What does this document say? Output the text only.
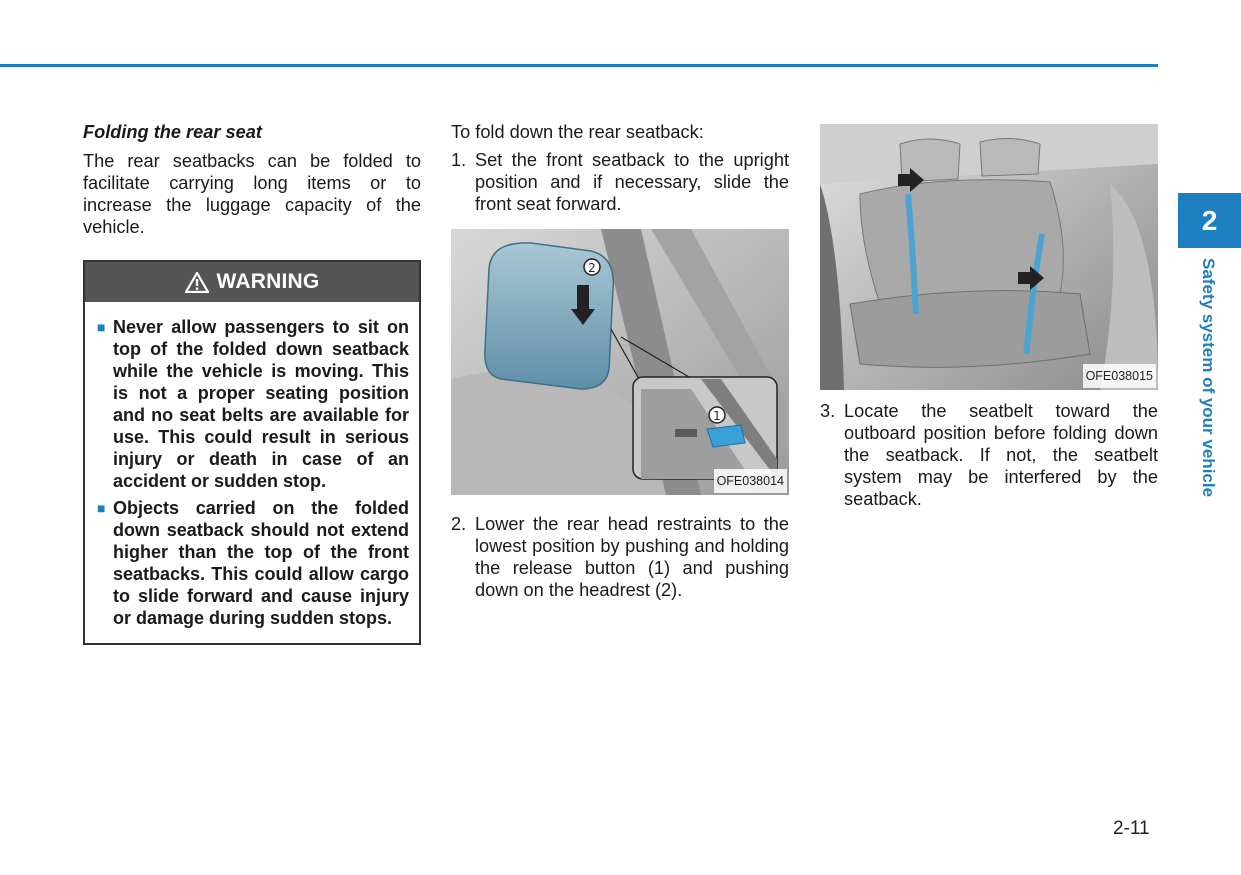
Folding the rear seat

The rear seatbacks can be folded to facilitate carrying long items or to increase the luggage capacity of the vehicle.

WARNING
■ Never allow passengers to sit on top of the folded down seatback while the vehicle is moving. This is not a proper seating position and no seat belts are available for use. This could result in serious injury or death in case of an accident or sudden stop.
■ Objects carried on the folded down seatback should not extend higher than the top of the front seatbacks. This could allow cargo to slide forward and cause injury or damage during sudden stops.

To fold down the rear seatback:

1. Set the front seatback to the upright position and if necessary, slide the front seat forward.
2
1
OFE038014
2. Lower the rear head restraints to the lowest position by pushing and holding the release button (1) and pushing down on the headrest (2).
OFE038015
3. Locate the seatbelt toward the outboard position before folding down the seatback. If not, the seatbelt system may be interfered by the seatback.
2
Safety system of your vehicle
2-11
